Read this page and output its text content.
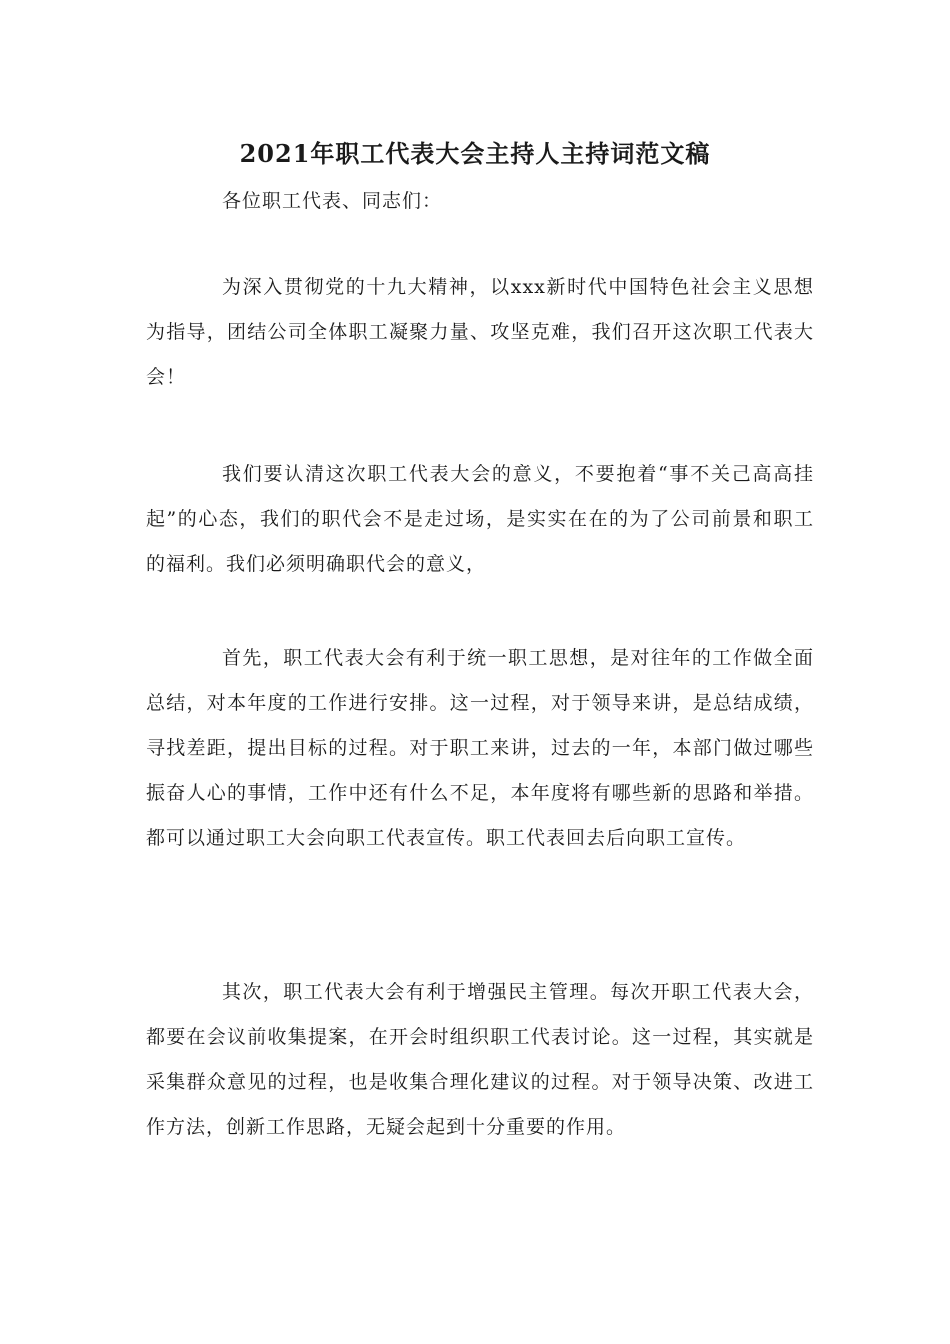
2021年职工代表大会主持人主持词范文稿

各位职工代表、同志们：

为深入贯彻党的十九大精神，以xxx新时代中国特色社会主义思想为指导，团结公司全体职工凝聚力量、攻坚克难，我们召开这次职工代表大会！

我们要认清这次职工代表大会的意义，不要抱着“事不关己高高挂起”的心态，我们的职代会不是走过场，是实实在在的为了公司前景和职工的福利。我们必须明确职代会的意义，

首先，职工代表大会有利于统一职工思想，是对往年的工作做全面总结，对本年度的工作进行安排。这一过程，对于领导来讲，是总结成绩，寻找差距，提出目标的过程。对于职工来讲，过去的一年，本部门做过哪些振奋人心的事情，工作中还有什么不足，本年度将有哪些新的思路和举措。都可以通过职工大会向职工代表宣传。职工代表回去后向职工宣传。

其次，职工代表大会有利于增强民主管理。每次开职工代表大会，都要在会议前收集提案，在开会时组织职工代表讨论。这一过程，其实就是采集群众意见的过程，也是收集合理化建议的过程。对于领导决策、改进工作方法，创新工作思路，无疑会起到十分重要的作用。
